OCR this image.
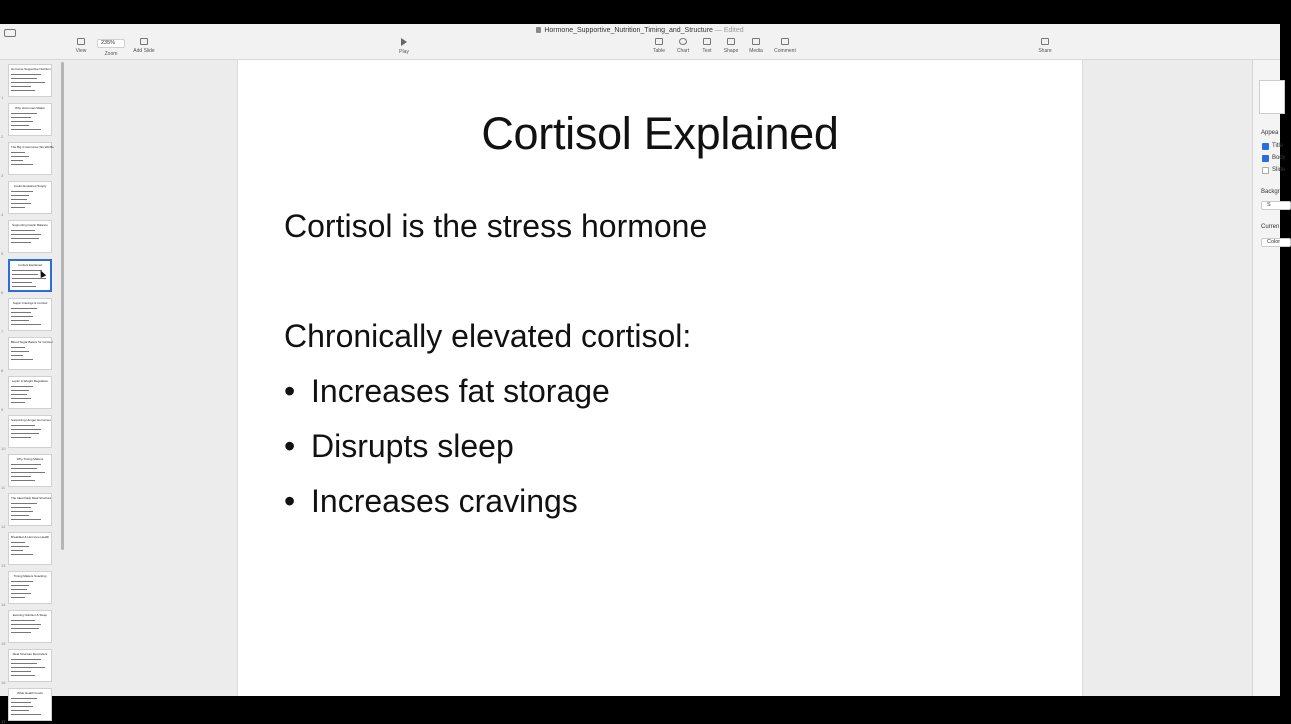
Hormone_Supportive_Nutrition_Timing_and_Structure — Edited
View
235%
Zoom	Add Slide	Play	Table	Chart	Text	Shape	Media	Comment	Share
1
Hormone-Supportive Nutrition
2
Why Hormones Matter
3
The Big 3 Hormones We Will Be
4
Insulin Explained Simply
5
Supporting Insulin Balance
6
Cortisol Explained
7
Sugar Cravings & Cortisol
8
Blood Sugar Basics for Cortisol
9
Leptin & Weight Regulation
10
Supporting Hunger Hormones
11
Why Timing Matters
12
The Ideal Daily Meal Structure
13
Breakfast & Hormone Health
14
Timing Matters Snacking
15
Evening Nutrition & Sleep
16
Meal Structure Reminders
17
What Health Foods
Cortisol Explained
Cortisol is the stress hormone
Chronically elevated cortisol:
• Increases fat storage
• Disrupts sleep
• Increases cravings
Appea
Title
Body
Slide
Backgr
S
Curren
Color
